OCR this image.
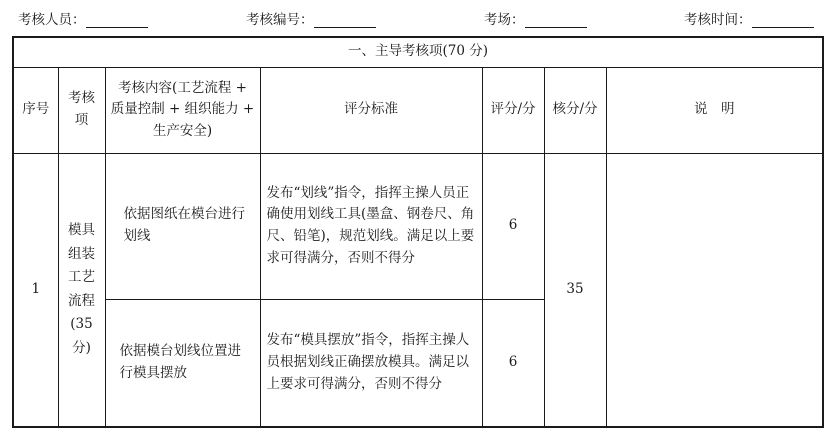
考核人员：	考核编号：	考场：	考核时间：
一、主导考核项(70 分)						
序号	考核项	考核内容(工艺流程 + 质量控制 + 组织能力 + 生产安全)	评分标准	评分/分	核分/分	说　明
1	模具组装工艺流程(35分)	依据图纸在模台进行划线	发布“划线”指令，指挥主操人员正确使用划线工具(墨盒、钢卷尺、角尺、铅笔)，规范划线。满足以上要求可得满分，否则不得分	6	35	
		依据模台划线位置进行模具摆放	发布“模具摆放”指令，指挥主操人员根据划线正确摆放模具。满足以上要求可得满分，否则不得分	6		
